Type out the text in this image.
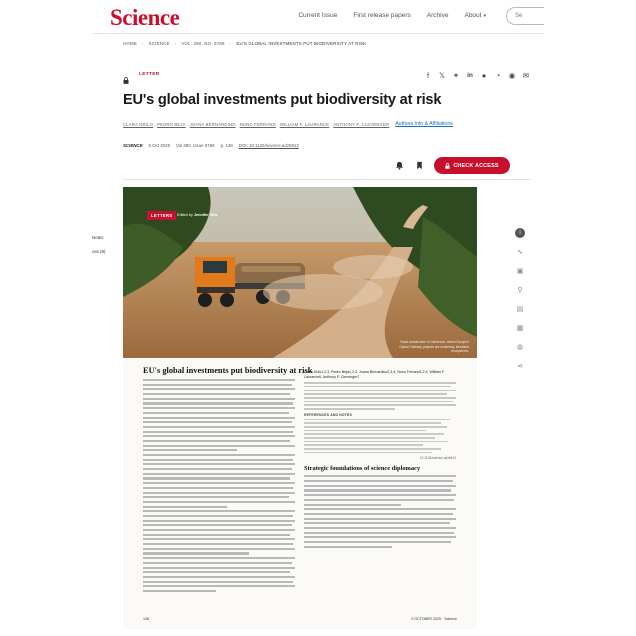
Science	Current Issue First release papers Archive About ▾	Se
HOME › SCIENCE › VOL. 390, NO. 6769 › EU'S GLOBAL INVESTMENTS PUT BIODIVERSITY AT RISK
LETTER	f	𝕏 ✶	in	●	◔	◉ ✉
EU's global investments put biodiversity at risk
CLARA GRILO PEDRO BEJA JOANA BERNARDINO NUNO FERRAND WILLIAM F. LAURANCE ANTHONY P. CLEVENGER Authors Info & Affiliations
SCIENCE 9 Oct 2025 Vol 390, Issue 6769 p. 138 DOI: 10.1126/science.adz6913
CHECK ACCESS
Notes
ces (8)
i
∿
▣
⚲
▤
▦
◍
⋖
LETTERS	Edited by Jennifer Sills
Road construction in Cameroon, where Europe's Global Gateway projects are underway, threatens ecosystems.
EU's global investments put biodiversity at risk
Clara Grilo1,2,3, Pedro Beja1,2,3, Joana Bernardino2,3,4, Nuno Ferrand1,2,5, William F. Laurance6, Anthony P. Clevenger7
REFERENCES AND NOTES
10.1126/science.adz6913
Strategic foundations of science diplomacy
138	9 OCTOBER 2025 · Science
